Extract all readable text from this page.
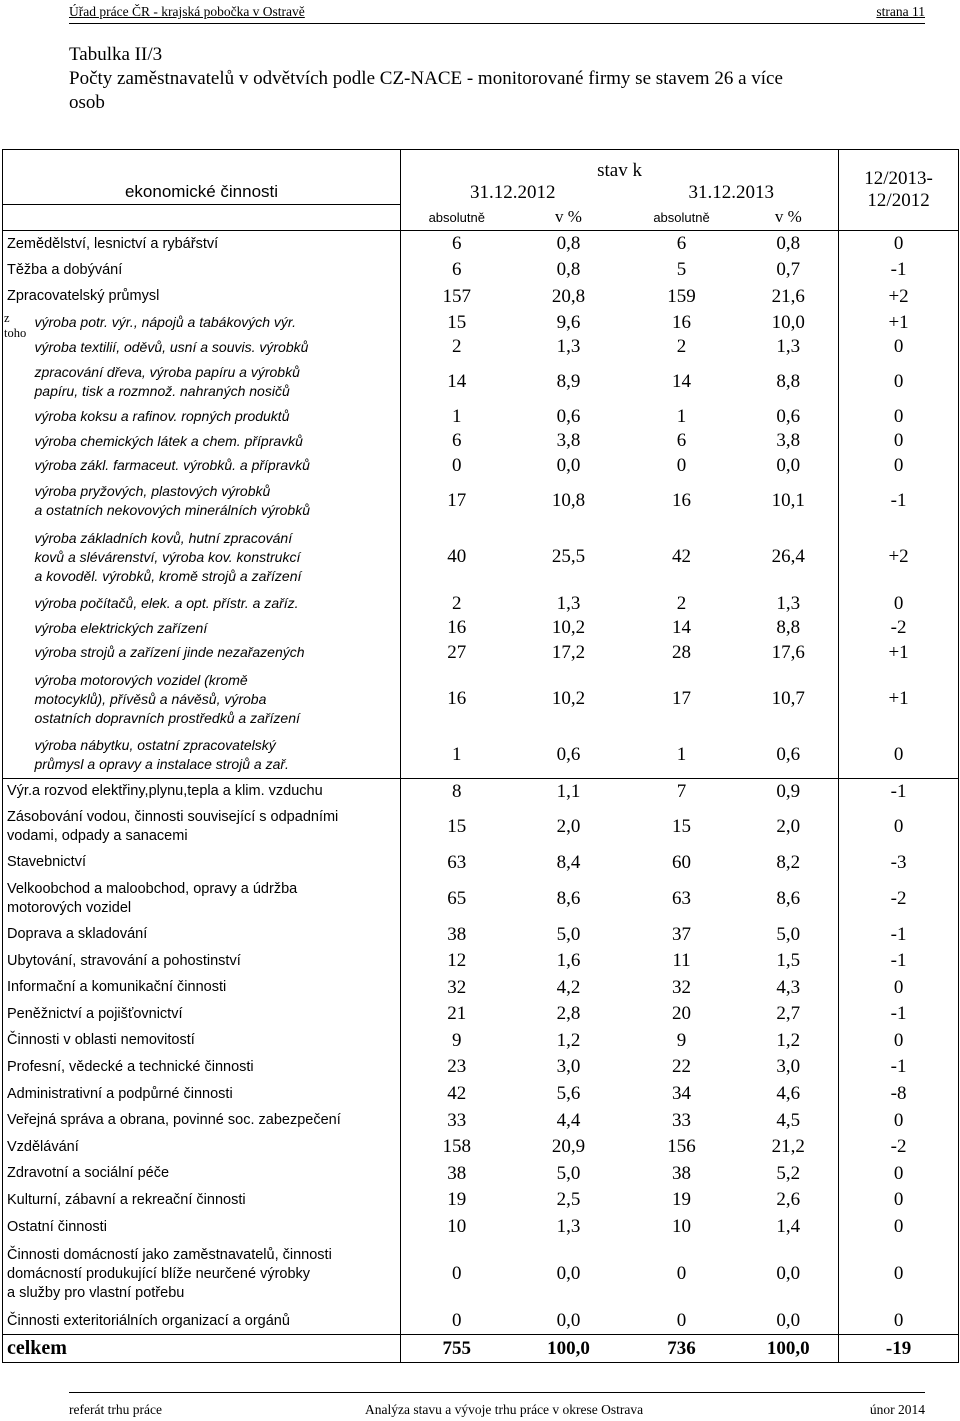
Úřad práce ČR - krajská pobočka v Ostravě	strana 11
Tabulka II/3
Počty zaměstnavatelů v odvětvích podle CZ-NACE - monitorované firmy se stavem 26 a více
osob
ekonomické činnosti		stav k				12/2013-
12/2012
		31.12.2012		31.12.2013		
		absolutně	v %	absolutně	v %	
Zemědělství, lesnictví a rybářství		6	0,8	6	0,8	0
Těžba a dobývání		6	0,8	5	0,7	-1
Zpracovatelský průmysl		157	20,8	159	21,6	+2
z toho	výroba potr. výr., nápojů a tabákových výr.	15	9,6	16	10,0	+1
	výroba textilií, oděvů, usní a souvis. výrobků	2	1,3	2	1,3	0
	zpracování dřeva, výroba papíru a výrobků
papíru, tisk a rozmnož. nahraných nosičů	14	8,9	14	8,8	0
	výroba koksu a rafinov. ropných produktů	1	0,6	1	0,6	0
	výroba chemických látek a chem. přípravků	6	3,8	6	3,8	0
	výroba zákl. farmaceut. výrobků. a přípravků	0	0,0	0	0,0	0
	výroba pryžových, plastových výrobků
a ostatních nekovových minerálních výrobků	17	10,8	16	10,1	-1
	výroba základních kovů, hutní zpracování
kovů a slévárenství, výroba kov. konstrukcí
a kovoděl. výrobků, kromě strojů a zařízení	40	25,5	42	26,4	+2
	výroba počítačů, elek. a opt. přístr. a zaříz.	2	1,3	2	1,3	0
	výroba elektrických zařízení	16	10,2	14	8,8	-2
	výroba strojů a zařízení jinde nezařazených	27	17,2	28	17,6	+1
	výroba motorových vozidel (kromě
motocyklů), přívěsů a návěsů, výroba
ostatních dopravních prostředků a zařízení	16	10,2	17	10,7	+1
	výroba nábytku, ostatní zpracovatelský
průmysl a opravy a instalace strojů a zař.	1	0,6	1	0,6	0
Výr.a rozvod elektřiny,plynu,tepla a klim. vzduchu		8	1,1	7	0,9	-1
Zásobování vodou, činnosti související s odpadními
vodami, odpady a sanacemi		15	2,0	15	2,0	0
Stavebnictví		63	8,4	60	8,2	-3
Velkoobchod a maloobchod, opravy a údržba
motorových vozidel		65	8,6	63	8,6	-2
Doprava a skladování		38	5,0	37	5,0	-1
Ubytování, stravování a pohostinství		12	1,6	11	1,5	-1
Informační a komunikační činnosti		32	4,2	32	4,3	0
Peněžnictví a pojišťovnictví		21	2,8	20	2,7	-1
Činnosti v oblasti nemovitostí		9	1,2	9	1,2	0
Profesní, vědecké a technické činnosti		23	3,0	22	3,0	-1
Administrativní a podpůrné činnosti		42	5,6	34	4,6	-8
Veřejná správa a obrana, povinné soc. zabezpečení		33	4,4	33	4,5	0
Vzdělávání		158	20,9	156	21,2	-2
Zdravotní a sociální péče		38	5,0	38	5,2	0
Kulturní, zábavní a rekreační činnosti		19	2,5	19	2,6	0
Ostatní činnosti		10	1,3	10	1,4	0
Činnosti domácností jako zaměstnavatelů, činnosti
domácností produkující blíže neurčené výrobky
a služby pro vlastní potřebu		0	0,0	0	0,0	0
Činnosti exteritoriálních organizací a orgánů		0	0,0	0	0,0	0
celkem		755	100,0	736	100,0	-19
referát trhu práce	Analýza stavu a vývoje trhu práce v okrese Ostrava	únor 2014
